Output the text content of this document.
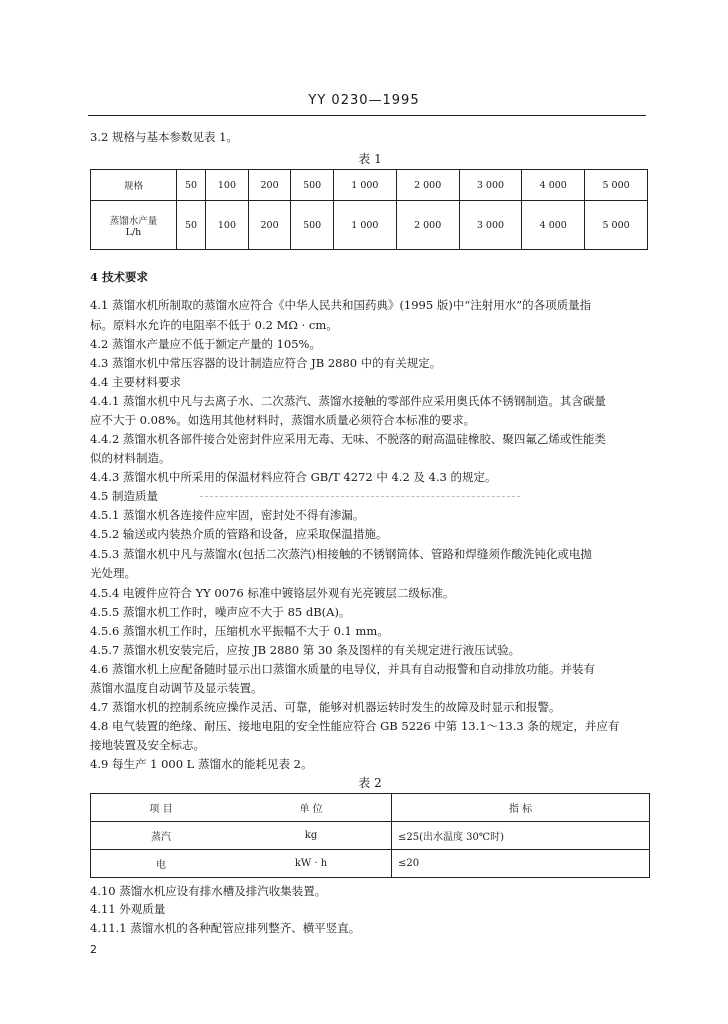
YY 0230—1995
3.2 规格与基本参数见表 1。
表 1
规格	50	100	200	500	1 000	2 000	3 000	4 000	5 000

蒸馏水产量
L/h	50	100	200	500	1 000	2 000	3 000	4 000	5 000
4 技术要求
4.1 蒸馏水机所制取的蒸馏水应符合《中华人民共和国药典》(1995 版)中“注射用水”的各项质量指
标。原料水允许的电阻率不低于 0.2 MΩ · cm。
4.2 蒸馏水产量应不低于额定产量的 105%。
4.3 蒸馏水机中常压容器的设计制造应符合 JB 2880 中的有关规定。
4.4 主要材料要求
4.4.1 蒸馏水机中凡与去离子水、二次蒸汽、蒸馏水接触的零部件应采用奥氏体不锈钢制造。其含碳量
应不大于 0.08%。如选用其他材料时，蒸馏水质量必须符合本标准的要求。
4.4.2 蒸馏水机各部件接合处密封件应采用无毒、无味、不脱落的耐高温硅橡胶、聚四氟乙烯或性能类
似的材料制造。
4.4.3 蒸馏水机中所采用的保温材料应符合 GB/T 4272 中 4.2 及 4.3 的规定。
4.5 制造质量
4.5.1 蒸馏水机各连接件应牢固，密封处不得有渗漏。
4.5.2 输送或内装热介质的管路和设备，应采取保温措施。
4.5.3 蒸馏水机中凡与蒸馏水(包括二次蒸汽)相接触的不锈钢筒体、管路和焊缝须作酸洗钝化或电抛
光处理。
4.5.4 电镀件应符合 YY 0076 标准中镀铬层外观有光亮镀层二级标准。
4.5.5 蒸馏水机工作时，噪声应不大于 85 dB(A)。
4.5.6 蒸馏水机工作时，压缩机水平振幅不大于 0.1 mm。
4.5.7 蒸馏水机安装完后，应按 JB 2880 第 30 条及图样的有关规定进行液压试验。
4.6 蒸馏水机上应配备随时显示出口蒸馏水质量的电导仪，并具有自动报警和自动排放功能。并装有
蒸馏水温度自动调节及显示装置。
4.7 蒸馏水机的控制系统应操作灵活、可靠，能够对机器运转时发生的故障及时显示和报警。
4.8 电气装置的绝缘、耐压、接地电阻的安全性能应符合 GB 5226 中第 13.1～13.3 条的规定，并应有
接地装置及安全标志。
4.9 每生产 1 000 L 蒸馏水的能耗见表 2。
表 2
项 目	单 位	指 标
蒸汽	kg	≤25(出水温度 30℃时)
电	kW · h	≤20
4.10 蒸馏水机应设有排水槽及排汽收集装置。
4.11 外观质量
4.11.1 蒸馏水机的各种配管应排列整齐、横平竖直。
2
